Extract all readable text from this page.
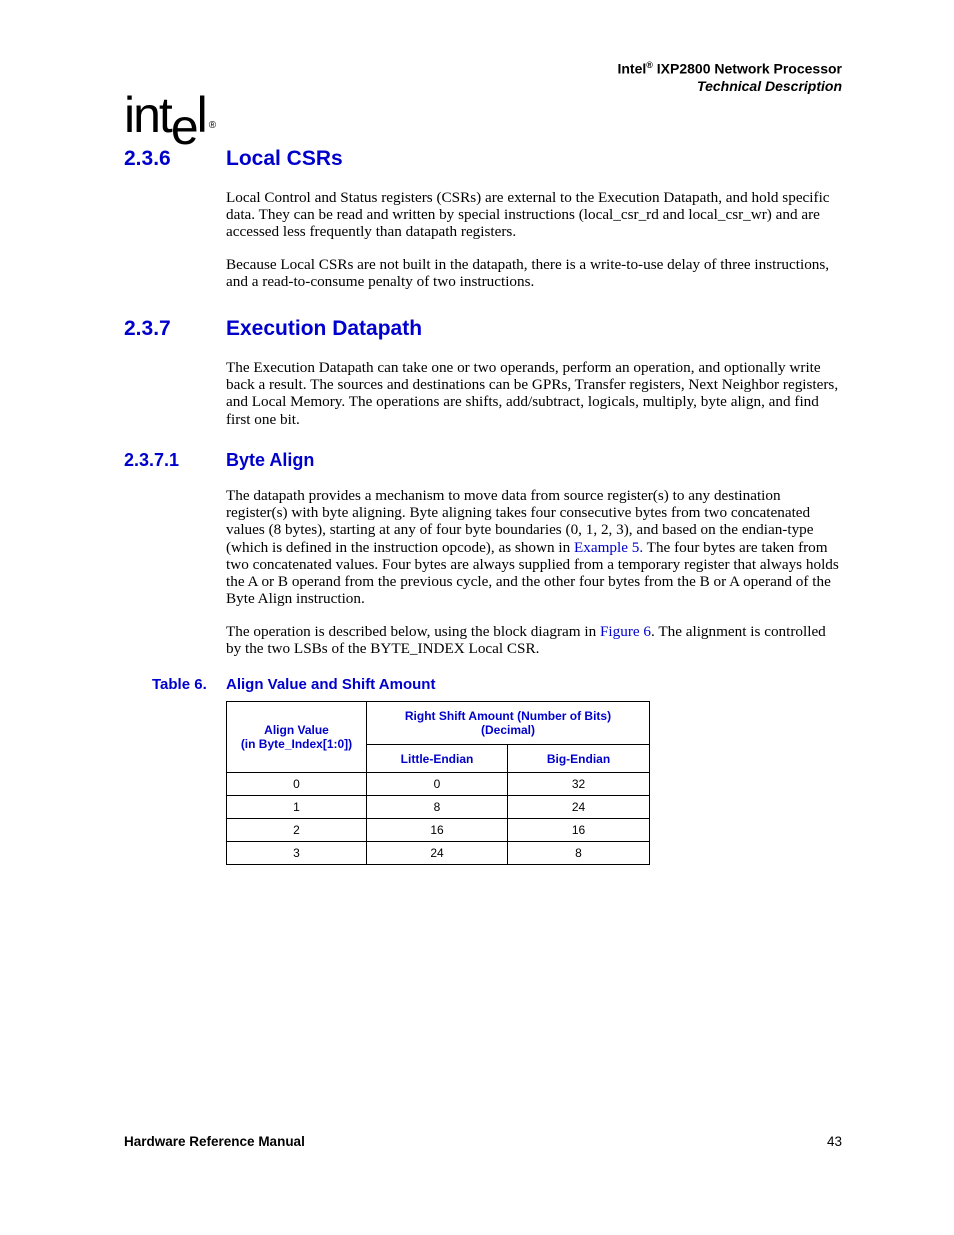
Intel® IXP2800 Network Processor
Technical Description
intel ®
2.3.6	Local CSRs
Local Control and Status registers (CSRs) are external to the Execution Datapath, and hold specific data. They can be read and written by special instructions (local_csr_rd and local_csr_wr) and are accessed less frequently than datapath registers.
Because Local CSRs are not built in the datapath, there is a write-to-use delay of three instructions, and a read-to-consume penalty of two instructions.
2.3.7	Execution Datapath
The Execution Datapath can take one or two operands, perform an operation, and optionally write back a result. The sources and destinations can be GPRs, Transfer registers, Next Neighbor registers, and Local Memory. The operations are shifts, add/subtract, logicals, multiply, byte align, and find first one bit.
2.3.7.1	Byte Align
The datapath provides a mechanism to move data from source register(s) to any destination register(s) with byte aligning. Byte aligning takes four consecutive bytes from two concatenated values (8 bytes), starting at any of four byte boundaries (0, 1, 2, 3), and based on the endian-type (which is defined in the instruction opcode), as shown in Example 5. The four bytes are taken from two concatenated values. Four bytes are always supplied from a temporary register that always holds the A or B operand from the previous cycle, and the other four bytes from the B or A operand of the Byte Align instruction.
The operation is described below, using the block diagram in Figure 6. The alignment is controlled by the two LSBs of the BYTE_INDEX Local CSR.
Table 6. Align Value and Shift Amount
Align Value
(in Byte_Index[1:0])	Right Shift Amount (Number of Bits)
(Decimal)	
	Little-Endian	Big-Endian
0	0	32
1	8	24
2	16	16
3	24	8
Hardware Reference Manual	43
